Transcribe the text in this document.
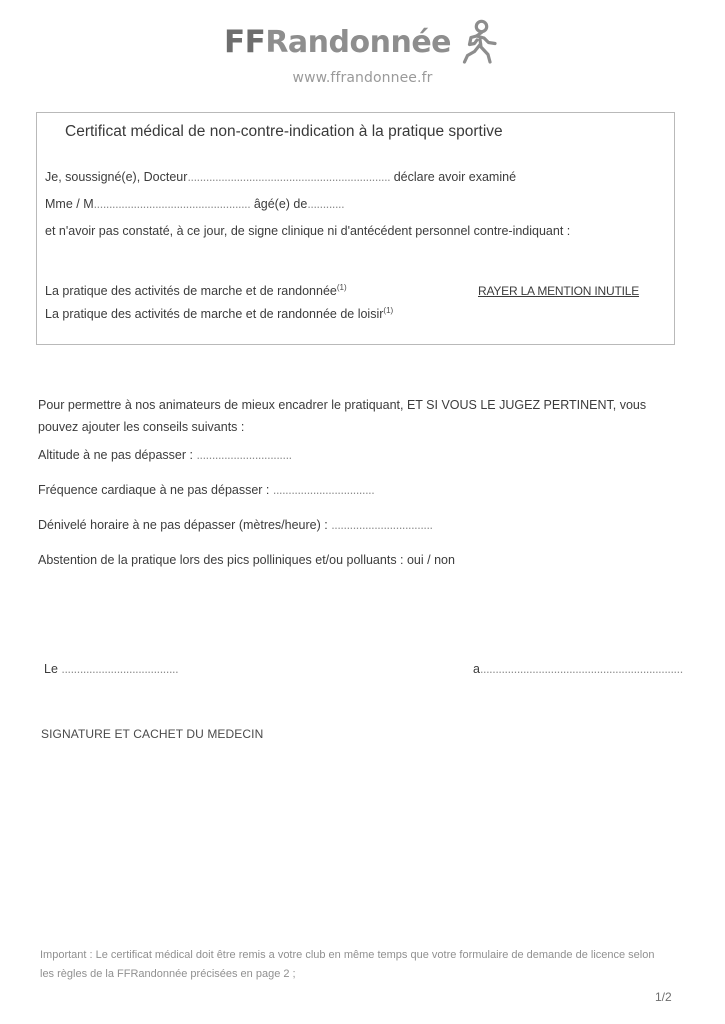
FFRandonnée
www.ffrandonnee.fr
Certificat médical de non-contre-indication à la pratique sportive
Je, soussigné(e), Docteur.................................................................. déclare avoir examiné
Mme / M................................................... âgé(e) de............
et n'avoir pas constaté, à ce jour, de signe clinique ni d'antécédent personnel contre-indiquant :
La pratique des activités de marche et de randonnée$^{(1)}$
La pratique des activités de marche et de randonnée de loisir$^{(1)}$
RAYER LA MENTION INUTILE
Pour permettre à nos animateurs de mieux encadrer le pratiquant, ET SI VOUS LE JUGEZ PERTINENT, vous pouvez ajouter les conseils suivants :
Altitude à ne pas dépasser : ...............................
Fréquence cardiaque à ne pas dépasser : .................................
Dénivelé horaire à ne pas dépasser (mètres/heure) : .................................
Abstention de la pratique lors des pics polliniques et/ou polluants : oui / non
Le ......................................	a..................................................................
SIGNATURE ET CACHET DU MEDECIN
Important : Le certificat médical doit être remis a votre club en même temps que votre formulaire de demande de licence selon les règles de la FFRandonnée précisées en page 2 ;
1/2
